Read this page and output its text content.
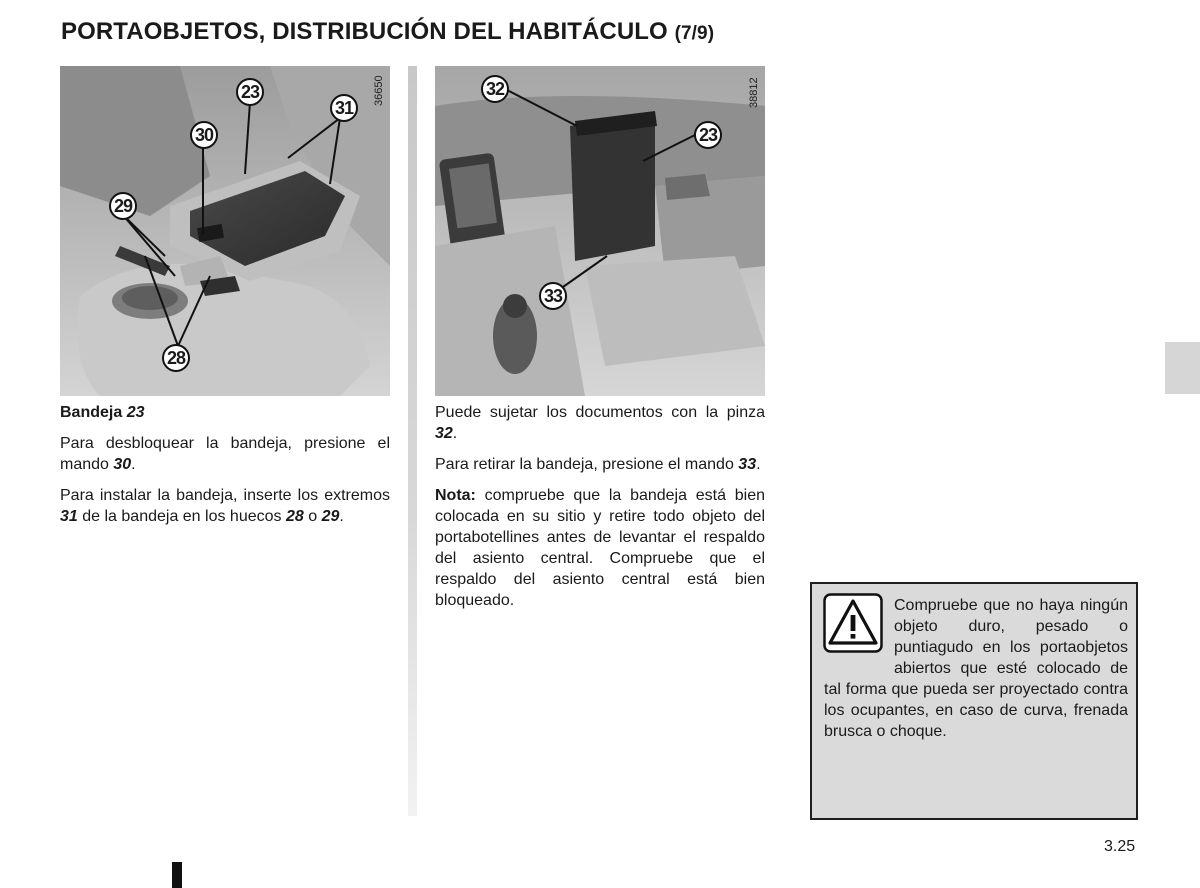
PORTAOBJETOS, DISTRIBUCIÓN DEL HABITÁCULO (7/9)
36650
23
31
30
29
28
38812
32
23
33

Bandeja 23

Para desbloquear la bandeja, presione el mando 30.

Para instalar la bandeja, inserte los extremos 31 de la bandeja en los huecos 28 o 29.

Puede sujetar los documentos con la pinza 32.

Para retirar la bandeja, presione el mando 33.

Nota: compruebe que la bandeja está bien colocada en su sitio y retire todo objeto del portabotellines antes de levantar el respaldo del asiento central. Compruebe que el respaldo del asiento central está bien bloqueado.	Compruebe que no haya ningún objeto duro, pesado o puntiagudo en los portaobjetos abiertos que esté colocado de tal forma que pueda ser proyectado contra los ocupantes, en caso de curva, frenada brusca o choque.
3.25
